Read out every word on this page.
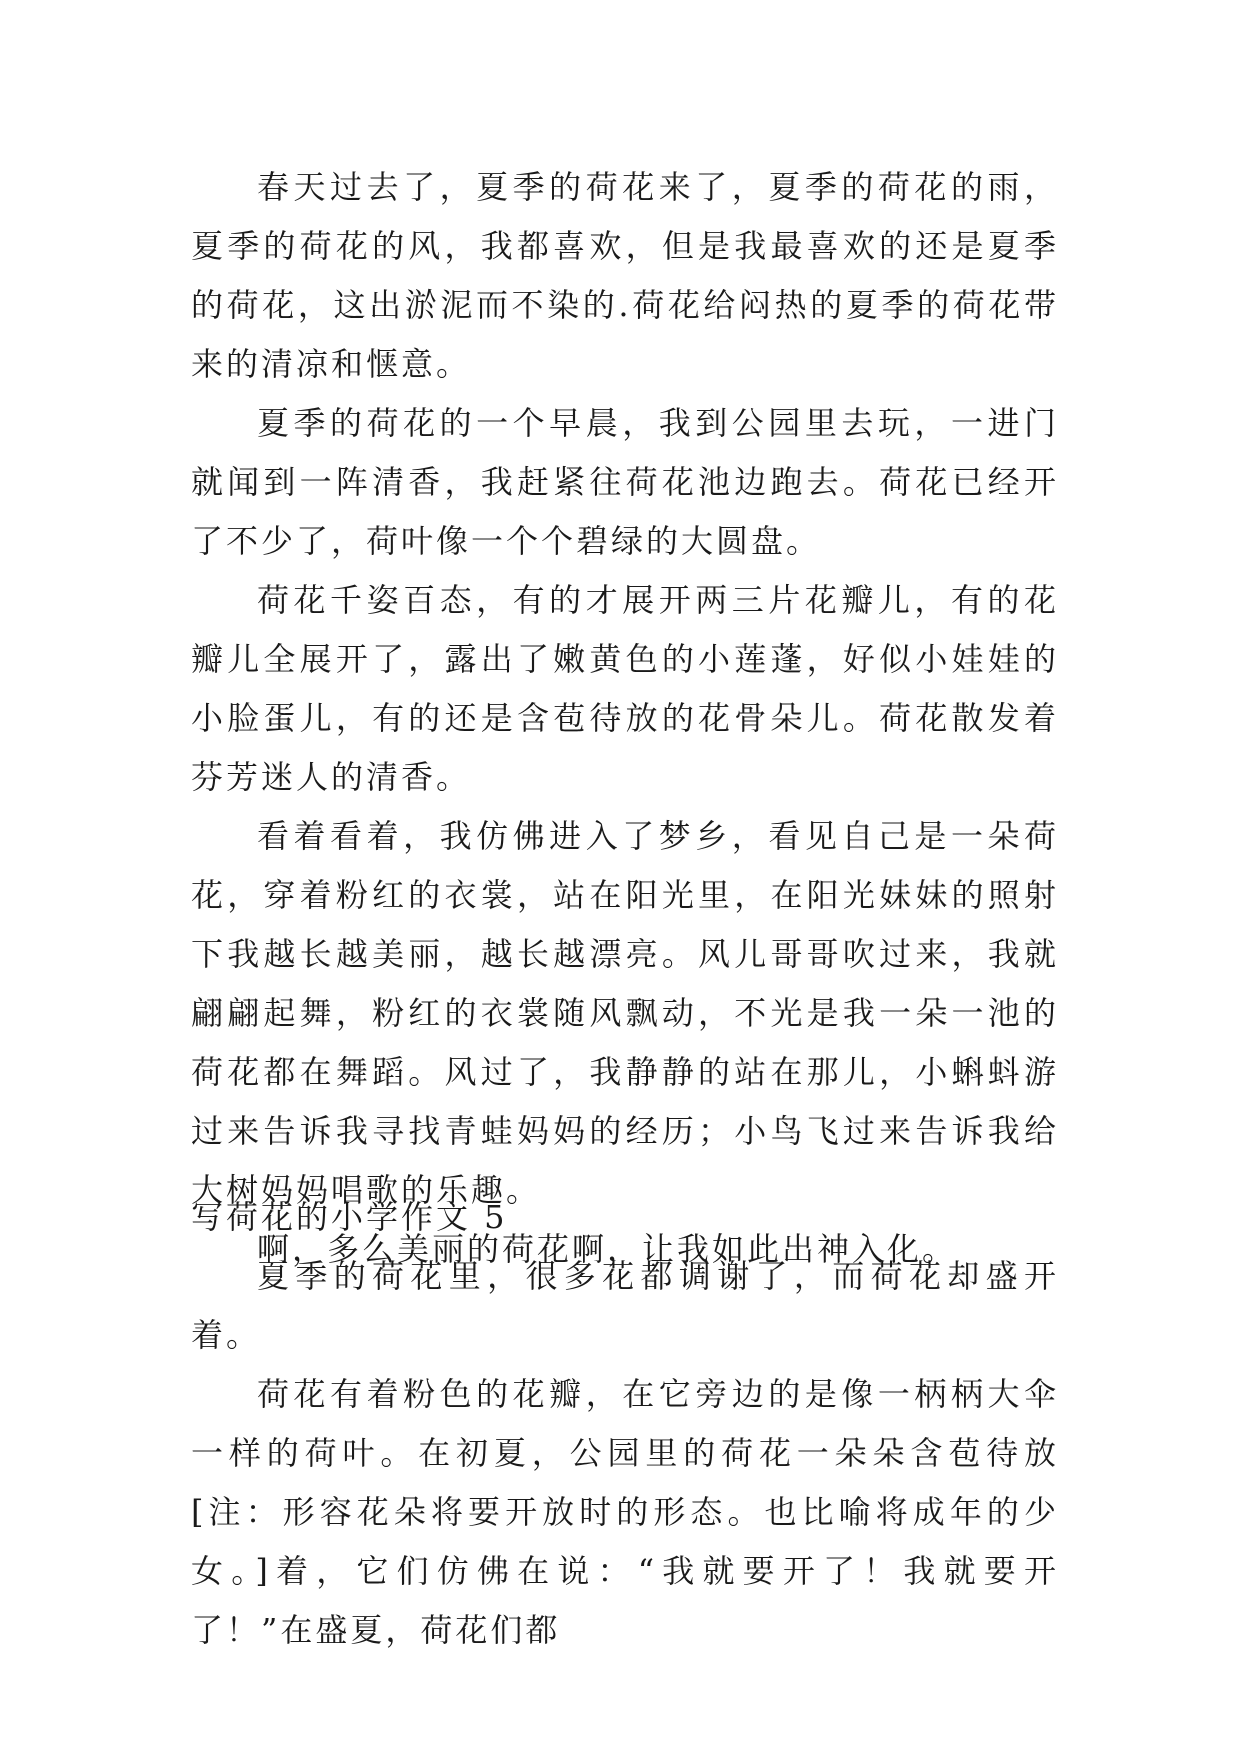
春天过去了，夏季的荷花来了，夏季的荷花的雨，夏季的荷花的风，我都喜欢，但是我最喜欢的还是夏季的荷花，这出淤泥而不染的.荷花给闷热的夏季的荷花带来的清凉和惬意。

夏季的荷花的一个早晨，我到公园里去玩，一进门就闻到一阵清香，我赶紧往荷花池边跑去。荷花已经开了不少了，荷叶像一个个碧绿的大圆盘。

荷花千姿百态，有的才展开两三片花瓣儿，有的花瓣儿全展开了，露出了嫩黄色的小莲蓬，好似小娃娃的小脸蛋儿，有的还是含苞待放的花骨朵儿。荷花散发着芬芳迷人的清香。

看着看着，我仿佛进入了梦乡，看见自己是一朵荷花，穿着粉红的衣裳，站在阳光里，在阳光妹妹的照射下我越长越美丽，越长越漂亮。风儿哥哥吹过来，我就翩翩起舞，粉红的衣裳随风飘动，不光是我一朵一池的荷花都在舞蹈。风过了，我静静的站在那儿，小蝌蚪游过来告诉我寻找青蛙妈妈的经历；小鸟飞过来告诉我给大树妈妈唱歌的乐趣。

啊，多么美丽的荷花啊，让我如此出神入化。

写荷花的小学作文 5

夏季的荷花里，很多花都调谢了，而荷花却盛开着。

荷花有着粉色的花瓣，在它旁边的是像一柄柄大伞一样的荷叶。在初夏，公园里的荷花一朵朵含苞待放[注：形容花朵将要开放时的形态。也比喻将成年的少女。]着，它们仿佛在说：“我就要开了！我就要开了！”在盛夏，荷花们都
